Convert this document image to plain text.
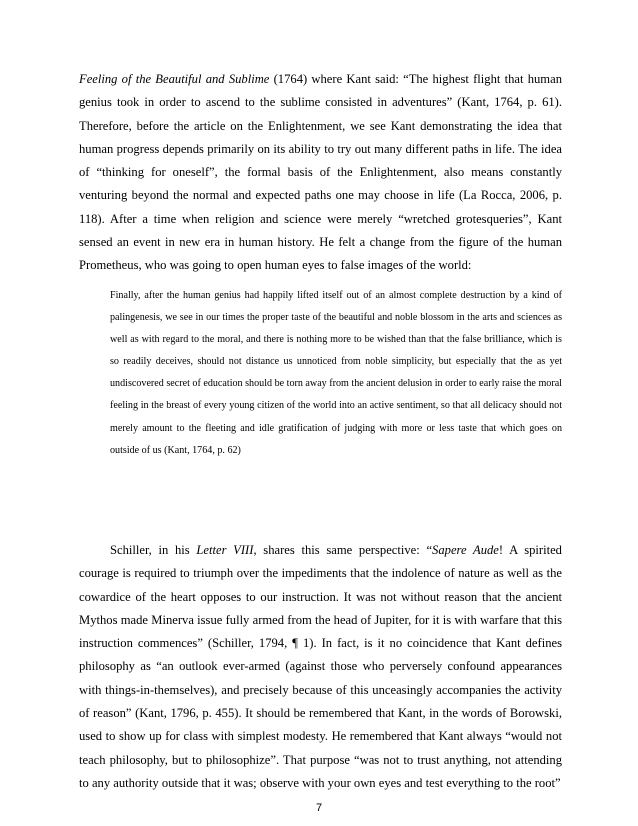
Feeling of the Beautiful and Sublime (1764) where Kant said: “The highest flight that human genius took in order to ascend to the sublime consisted in adventures” (Kant, 1764, p. 61). Therefore, before the article on the Enlightenment, we see Kant demonstrating the idea that human progress depends primarily on its ability to try out many different paths in life. The idea of “thinking for oneself”, the formal basis of the Enlightenment, also means constantly venturing beyond the normal and expected paths one may choose in life (La Rocca, 2006, p. 118). After a time when religion and science were merely “wretched grotesqueries”, Kant sensed an event in new era in human history. He felt a change from the figure of the human Prometheus, who was going to open human eyes to false images of the world:

Finally, after the human genius had happily lifted itself out of an almost complete destruction by a kind of palingenesis, we see in our times the proper taste of the beautiful and noble blossom in the arts and sciences as well as with regard to the moral, and there is nothing more to be wished than that the false brilliance, which is so readily deceives, should not distance us unnoticed from noble simplicity, but especially that the as yet undiscovered secret of education should be torn away from the ancient delusion in order to early raise the moral feeling in the breast of every young citizen of the world into an active sentiment, so that all delicacy should not merely amount to the fleeting and idle gratification of judging with more or less taste that which goes on outside of us (Kant, 1764, p. 62)

Schiller, in his Letter VIII, shares this same perspective: “Sapere Aude! A spirited courage is required to triumph over the impediments that the indolence of nature as well as the cowardice of the heart opposes to our instruction. It was not without reason that the ancient Mythos made Minerva issue fully armed from the head of Jupiter, for it is with warfare that this instruction commences” (Schiller, 1794, ¶ 1). In fact, is it no coincidence that Kant defines philosophy as “an outlook ever-armed (against those who perversely confound appearances with things-in-themselves), and precisely because of this unceasingly accompanies the activity of reason” (Kant, 1796, p. 455). It should be remembered that Kant, in the words of Borowski, used to show up for class with simplest modesty. He remembered that Kant always “would not teach philosophy, but to philosophize”. That purpose “was not to trust anything, not attending to any authority outside that it was; observe with your own eyes and test everything to the root”

7
